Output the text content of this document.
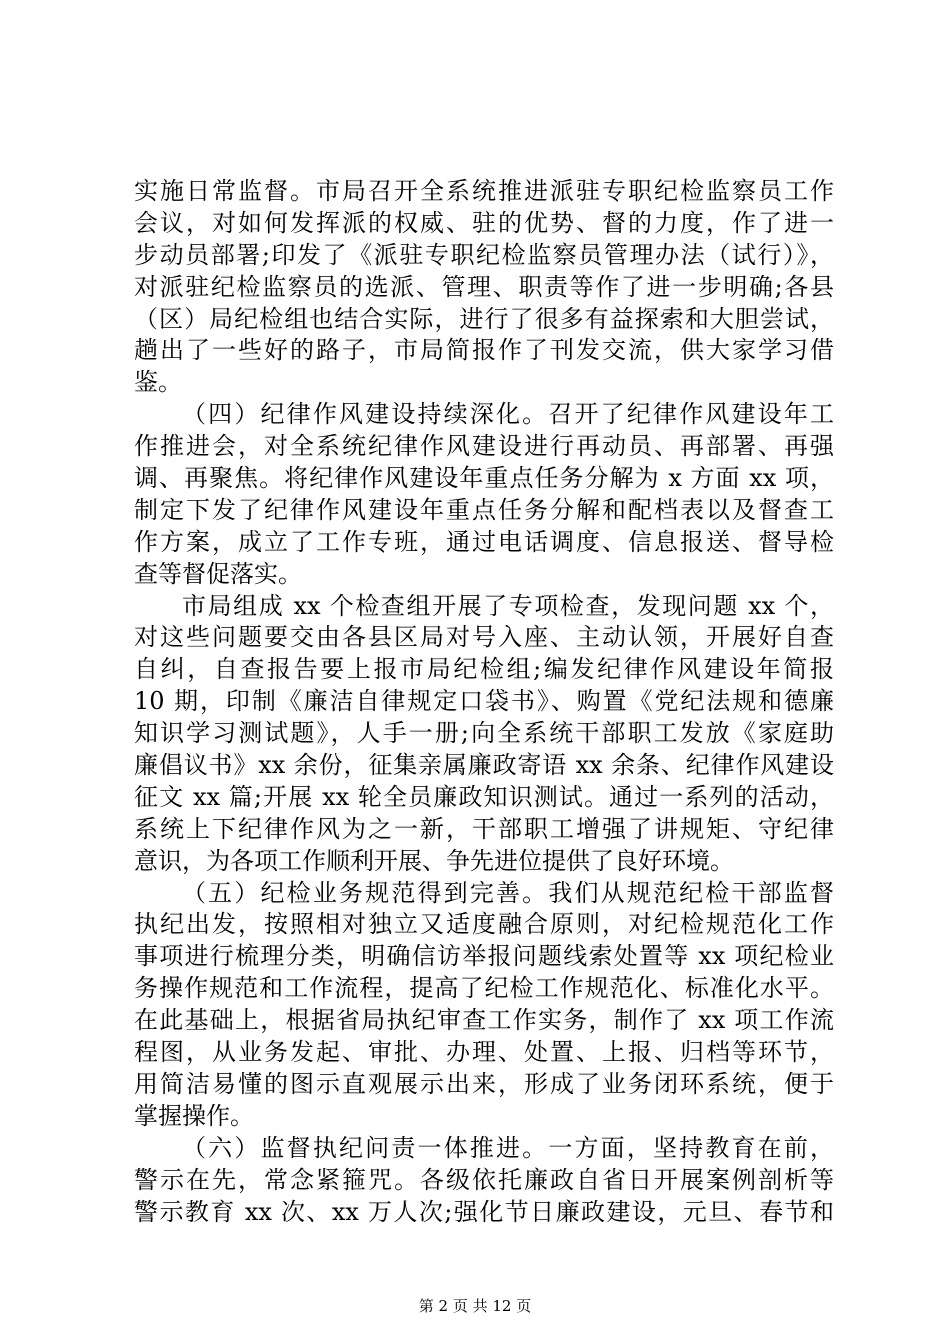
实施日常监督。市局召开全系统推进派驻专职纪检监察员工作
会议，对如何发挥派的权威、驻的优势、督的力度，作了进一
步动员部署;印发了《派驻专职纪检监察员管理办法（试行）》，
对派驻纪检监察员的选派、管理、职责等作了进一步明确;各县
（区）局纪检组也结合实际，进行了很多有益探索和大胆尝试，
趟出了一些好的路子，市局简报作了刊发交流，供大家学习借
鉴。
（四）纪律作风建设持续深化。召开了纪律作风建设年工
作推进会，对全系统纪律作风建设进行再动员、再部署、再强
调、再聚焦。将纪律作风建设年重点任务分解为 x 方面 xx 项，
制定下发了纪律作风建设年重点任务分解和配档表以及督查工
作方案，成立了工作专班，通过电话调度、信息报送、督导检
查等督促落实。
市局组成 xx 个检查组开展了专项检查，发现问题 xx 个，
对这些问题要交由各县区局对号入座、主动认领，开展好自查
自纠，自查报告要上报市局纪检组;编发纪律作风建设年简报
10 期，印制《廉洁自律规定口袋书》、购置《党纪法规和德廉
知识学习测试题》，人手一册;向全系统干部职工发放《家庭助
廉倡议书》xx 余份，征集亲属廉政寄语 xx 余条、纪律作风建设
征文 xx 篇;开展 xx 轮全员廉政知识测试。通过一系列的活动，
系统上下纪律作风为之一新，干部职工增强了讲规矩、守纪律
意识，为各项工作顺利开展、争先进位提供了良好环境。
（五）纪检业务规范得到完善。我们从规范纪检干部监督
执纪出发，按照相对独立又适度融合原则，对纪检规范化工作
事项进行梳理分类，明确信访举报问题线索处置等 xx 项纪检业
务操作规范和工作流程，提高了纪检工作规范化、标准化水平。
在此基础上，根据省局执纪审查工作实务，制作了 xx 项工作流
程图，从业务发起、审批、办理、处置、上报、归档等环节，
用简洁易懂的图示直观展示出来，形成了业务闭环系统，便于
掌握操作。
（六）监督执纪问责一体推进。一方面，坚持教育在前，
警示在先，常念紧箍咒。各级依托廉政自省日开展案例剖析等
警示教育 xx 次、xx 万人次;强化节日廉政建设，元旦、春节和
第 2 页 共 12 页
